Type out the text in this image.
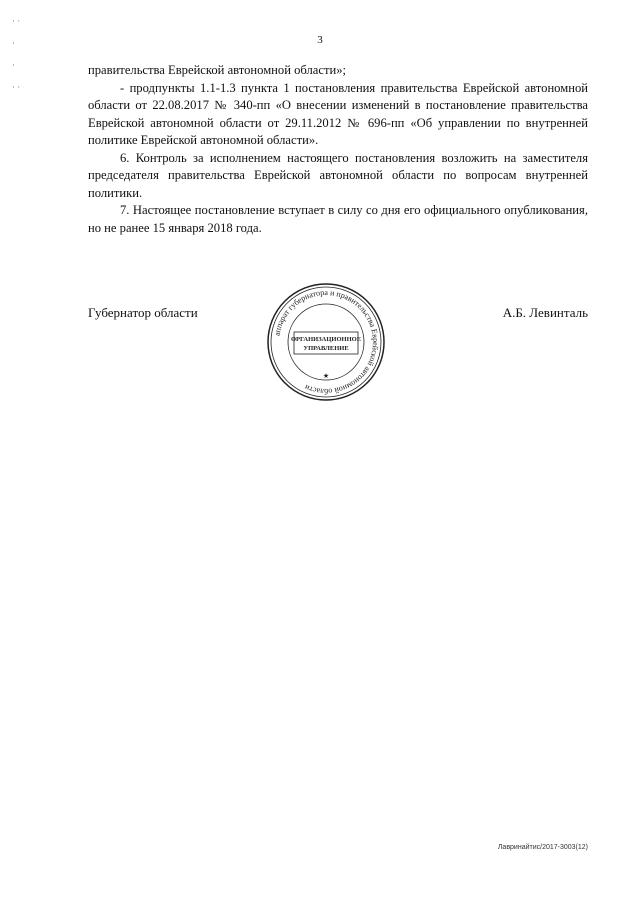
· ·
·
·
· ·
3

правительства Еврейской автономной области»;

- продпункты 1.1-1.3 пункта 1 постановления правительства Еврейской автономной области от 22.08.2017 № 340-пп «О внесении изменений в постановление правительства Еврейской автономной области от 29.11.2012 № 696-пп «Об управлении по внутренней политике Еврейской автономной области».

6. Контроль за исполнением настоящего постановления возложить на заместителя председателя правительства Еврейской автономной области по вопросам внутренней политики.

7. Настоящее постановление вступает в силу со дня его официального опубликования, но не ранее 15 января 2018 года.

Губернатор области	А.Б. Левинталь
аппарат губернатора и правительства Еврейской автономной области
ОРГАНИЗАЦИОННОЕ
УПРАВЛЕНИЕ
★
Лавринайтис/2017-3003(12)
